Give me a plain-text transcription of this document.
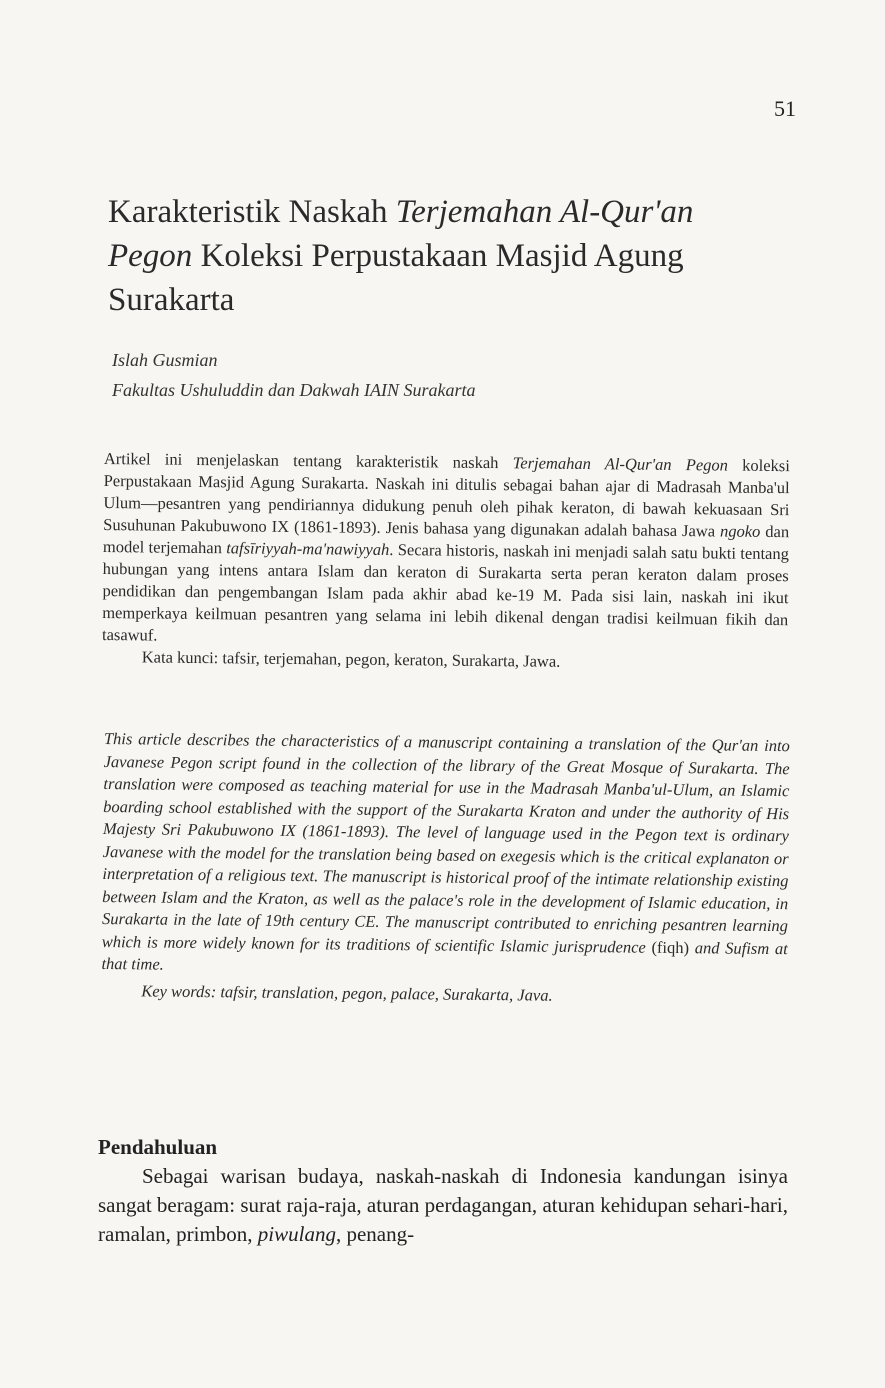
51
Karakteristik Naskah Terjemahan Al-Qur'an
Pegon Koleksi Perpustakaan Masjid Agung Surakarta
Islah Gusmian
Fakultas Ushuluddin dan Dakwah IAIN Surakarta

Artikel ini menjelaskan tentang karakteristik naskah Terjemahan Al-Qur'an Pegon koleksi Perpustakaan Masjid Agung Surakarta. Naskah ini ditulis sebagai bahan ajar di Madrasah Manba'ul Ulum—pesantren yang pendiriannya didukung penuh oleh pihak keraton, di bawah kekuasaan Sri Susuhunan Pakubuwono IX (1861-1893). Jenis bahasa yang digunakan adalah bahasa Jawa ngoko dan model terjemahan tafsīriyyah-ma'nawiyyah. Secara historis, naskah ini menjadi salah satu bukti tentang hubungan yang intens antara Islam dan keraton di Surakarta serta peran keraton dalam proses pendidikan dan pengembangan Islam pada akhir abad ke-19 M. Pada sisi lain, naskah ini ikut memperkaya keilmuan pesantren yang selama ini lebih dikenal dengan tradisi keilmuan fikih dan tasawuf.

Kata kunci: tafsir, terjemahan, pegon, keraton, Surakarta, Jawa.

This article describes the characteristics of a manuscript containing a translation of the Qur'an into Javanese Pegon script found in the collection of the library of the Great Mosque of Surakarta. The translation were composed as teaching material for use in the Madrasah Manba'ul-Ulum, an Islamic boarding school established with the support of the Surakarta Kraton and under the authority of His Majesty Sri Pakubuwono IX (1861-1893). The level of language used in the Pegon text is ordinary Javanese with the model for the translation being based on exegesis which is the critical explanaton or interpretation of a religious text. The manuscript is historical proof of the intimate relationship existing between Islam and the Kraton, as well as the palace's role in the development of Islamic education, in Surakarta in the late of 19th century CE. The manuscript contributed to enriching pesantren learning which is more widely known for its traditions of scientific Islamic jurisprudence (fiqh) and Sufism at that time.

Key words: tafsir, translation, pegon, palace, Surakarta, Java.

Pendahuluan

Sebagai warisan budaya, naskah-naskah di Indonesia kandungan isinya sangat beragam: surat raja-raja, aturan perdagangan, aturan kehidupan sehari-hari, ramalan, primbon, piwulang, penang-
